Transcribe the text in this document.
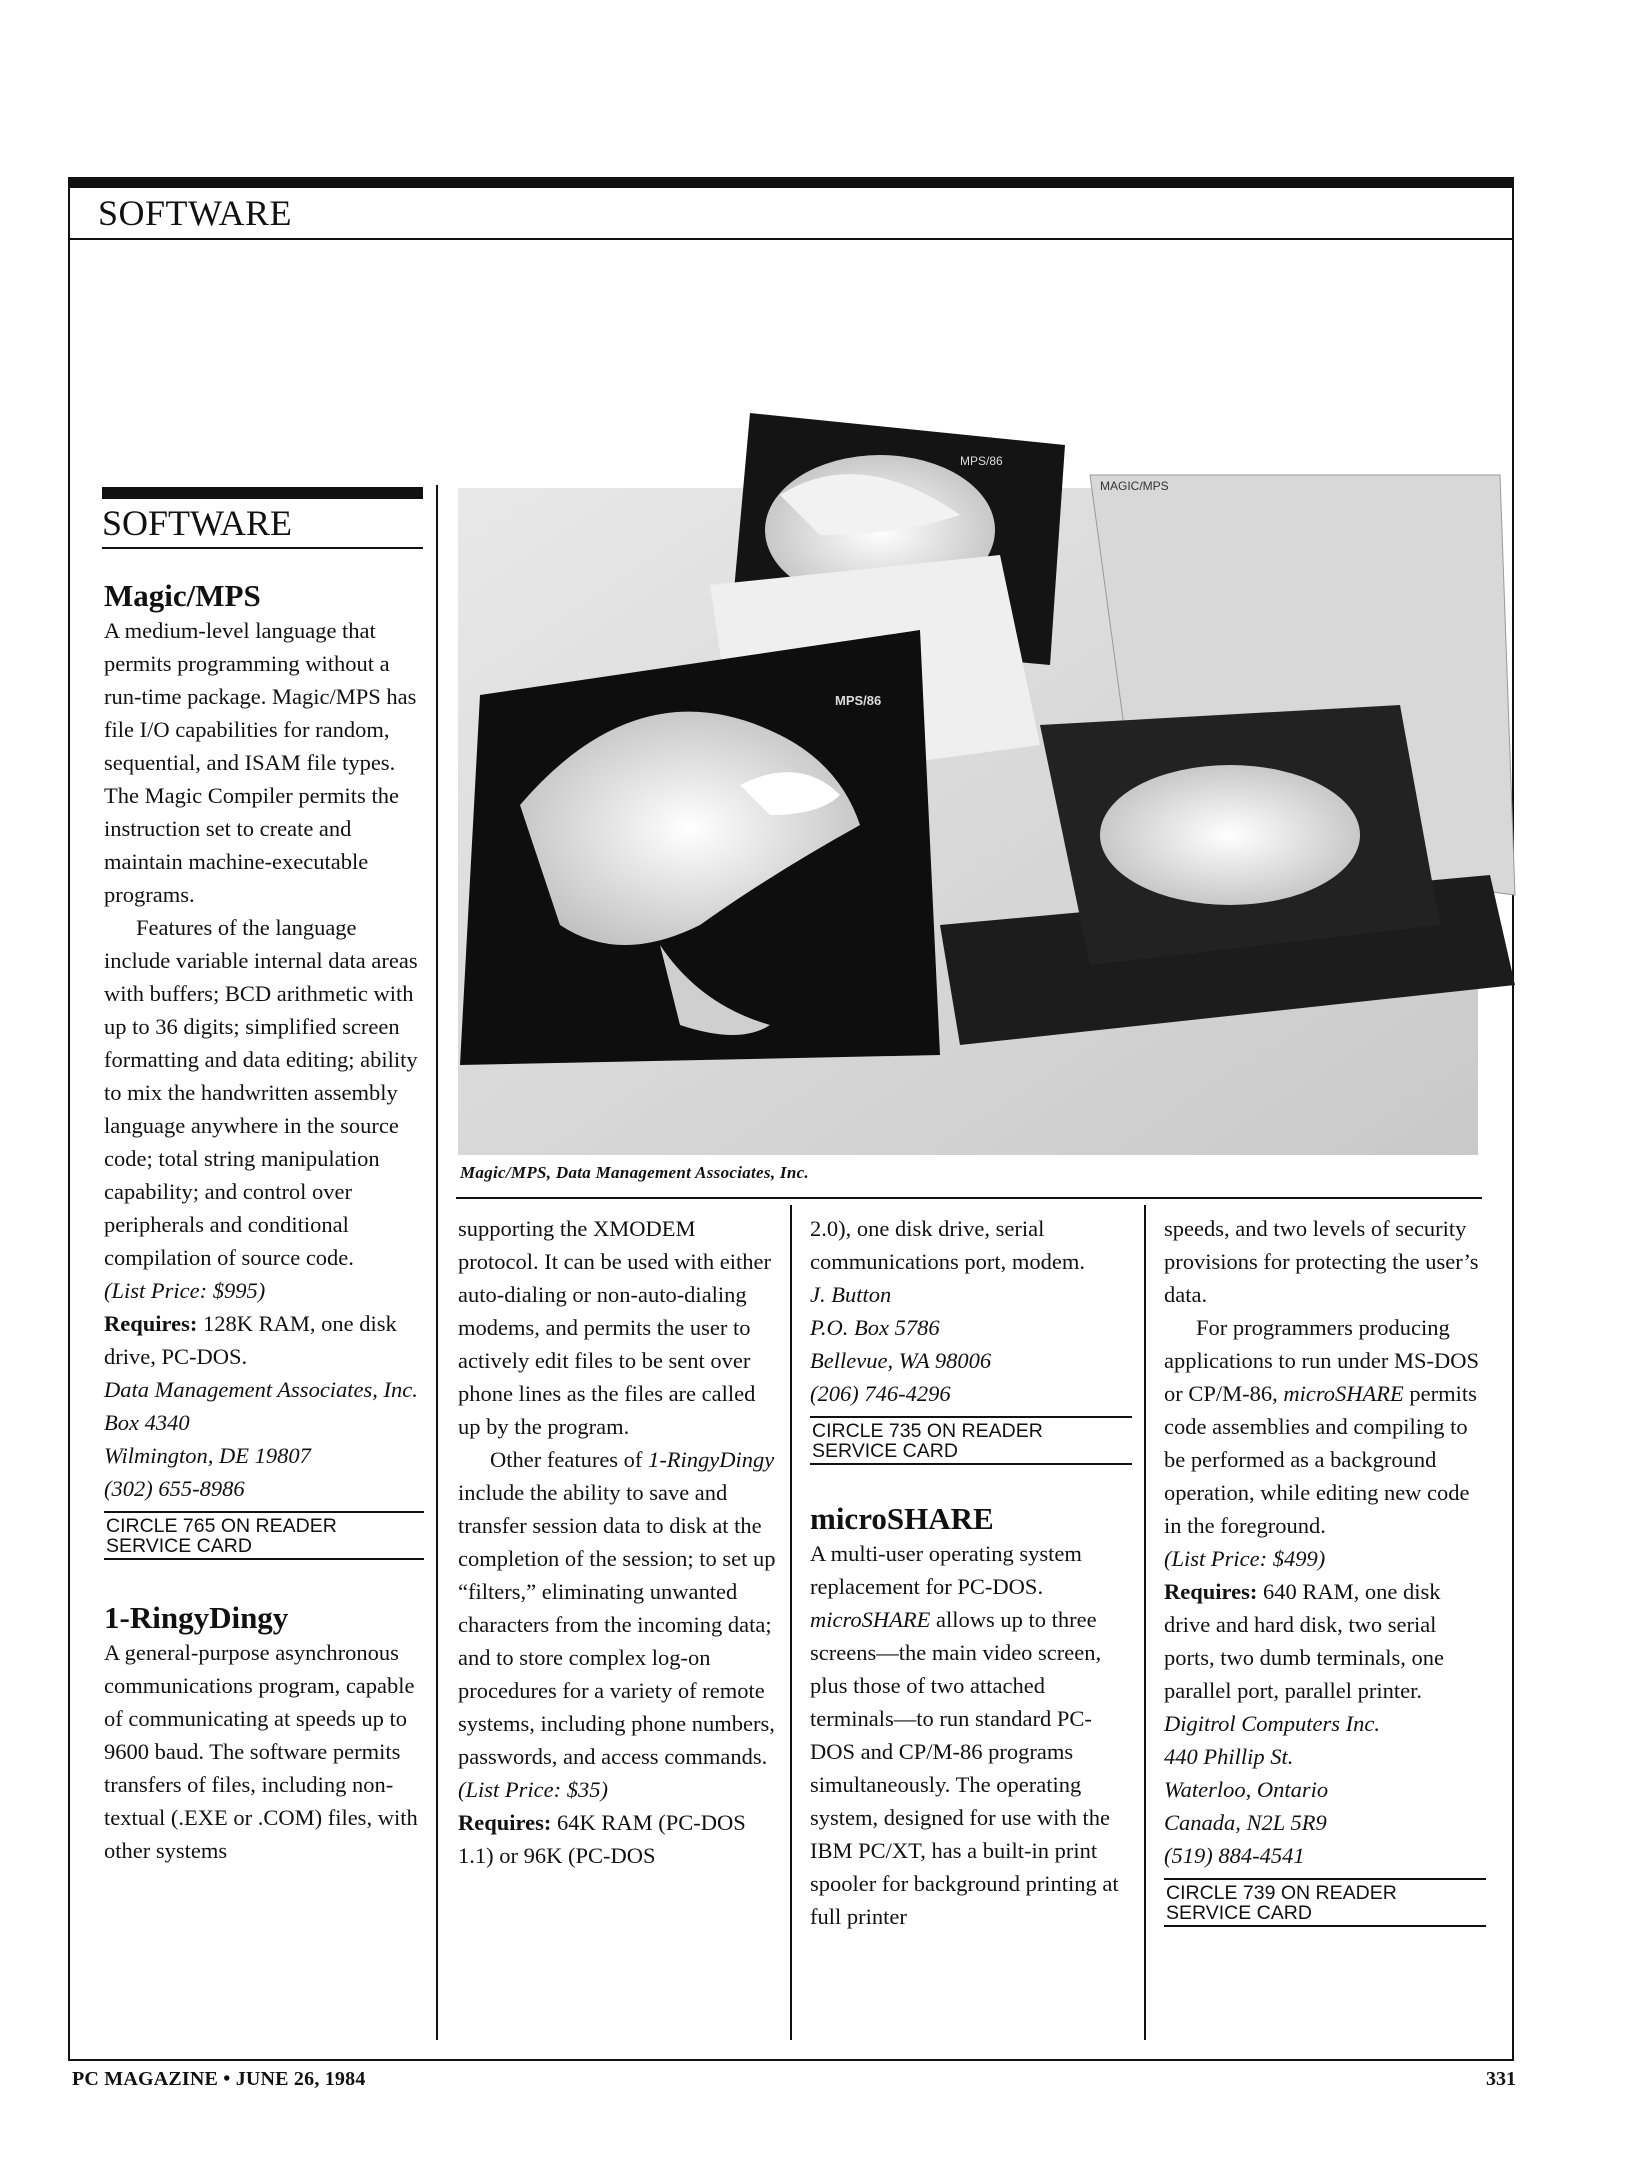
SOFTWARE
SOFTWARE

Magic/MPS

A medium-level language that permits programming without a run-time package. Magic/MPS has file I/O capabilities for random, sequential, and ISAM file types. The Magic Compiler permits the instruction set to create and maintain machine-executable programs.

Features of the language include variable internal data areas with buffers; BCD arithmetic with up to 36 digits; simplified screen formatting and data editing; ability to mix the handwritten assembly language anywhere in the source code; total string manipulation capability; and control over peripherals and conditional compilation of source code.

(List Price: $995)

Requires: 128K RAM, one disk drive, PC-DOS.

Data Management Associates, Inc.

Box 4340

Wilmington, DE 19807

(302) 655-8986

CIRCLE 765 ON READER SERVICE CARD

1-RingyDingy

A general-purpose asynchronous communications program, capable of communicating at speeds up to 9600 baud. The software permits transfers of files, including non-textual (.EXE or .COM) files, with other systems

MPS/86
MAGIC/MPS
MPS/86
Magic/MPS, Data Management Associates, Inc.

supporting the XMODEM protocol. It can be used with either auto-dialing or non-auto-dialing modems, and permits the user to actively edit files to be sent over phone lines as the files are called up by the program.

Other features of 1-RingyDingy include the ability to save and transfer session data to disk at the completion of the session; to set up “filters,” eliminating unwanted characters from the incoming data; and to store complex log-on procedures for a variety of remote systems, including phone numbers, passwords, and access commands.

(List Price: $35)

Requires: 64K RAM (PC-DOS 1.1) or 96K (PC-DOS

2.0), one disk drive, serial communications port, modem.

J. Button

P.O. Box 5786

Bellevue, WA 98006

(206) 746-4296

CIRCLE 735 ON READER SERVICE CARD

microSHARE

A multi-user operating system replacement for PC-DOS. microSHARE allows up to three screens—the main video screen, plus those of two attached terminals—to run standard PC-DOS and CP/M-86 programs simultaneously. The operating system, designed for use with the IBM PC/XT, has a built-in print spooler for background printing at full printer

speeds, and two levels of security provisions for protecting the user’s data.

For programmers producing applications to run under MS-DOS or CP/M-86, microSHARE permits code assemblies and compiling to be performed as a background operation, while editing new code in the foreground.

(List Price: $499)

Requires: 640 RAM, one disk drive and hard disk, two serial ports, two dumb terminals, one parallel port, parallel printer.

Digitrol Computers Inc.

440 Phillip St.

Waterloo, Ontario

Canada, N2L 5R9

(519) 884-4541

CIRCLE 739 ON READER SERVICE CARD
PC MAGAZINE • JUNE 26, 1984	331
